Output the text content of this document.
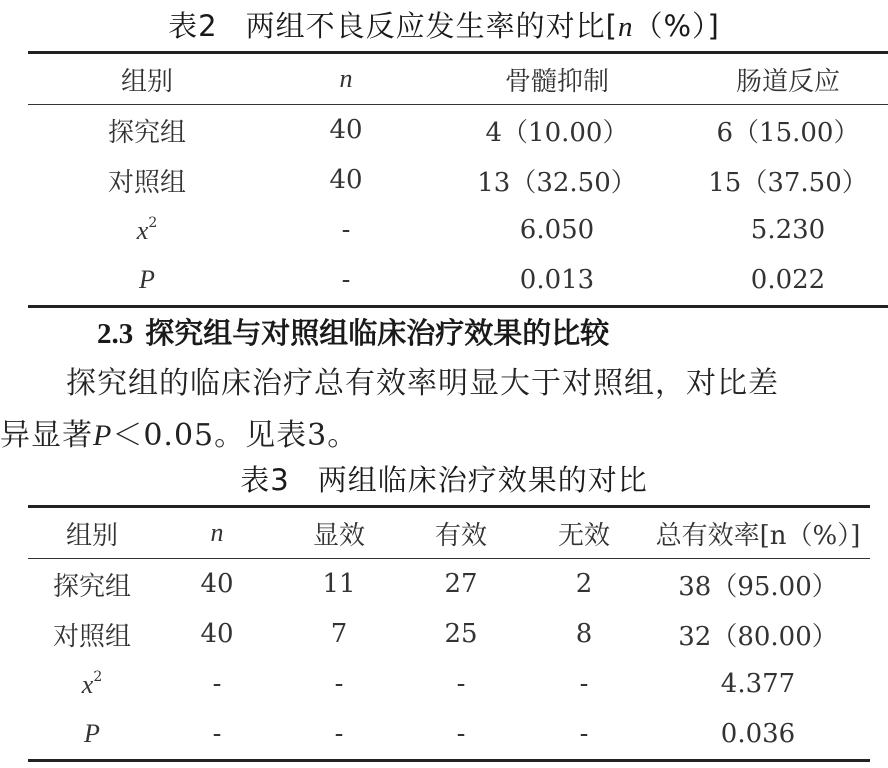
表2 两组不良反应发生率的对比[n（%）]
组别	n	骨髓抑制	肠道反应
探究组	40	4（10.00）	6（15.00）
对照组	40	13（32.50）	15（37.50）
$x^2$	-	6.050	5.230
P	-	0.013	0.022
2.3 探究组与对照组临床治疗效果的比较
探究组的临床治疗总有效率明显大于对照组，对比差
异显著P＜0.05。见表3。
表3 两组临床治疗效果的对比
组别	n	显效	有效	无效	总有效率[n（%）]
探究组	40	11	27	2	38（95.00）
对照组	40	7	25	8	32（80.00）
$x^2$	-	-	-	-	4.377
P	-	-	-	-	0.036
